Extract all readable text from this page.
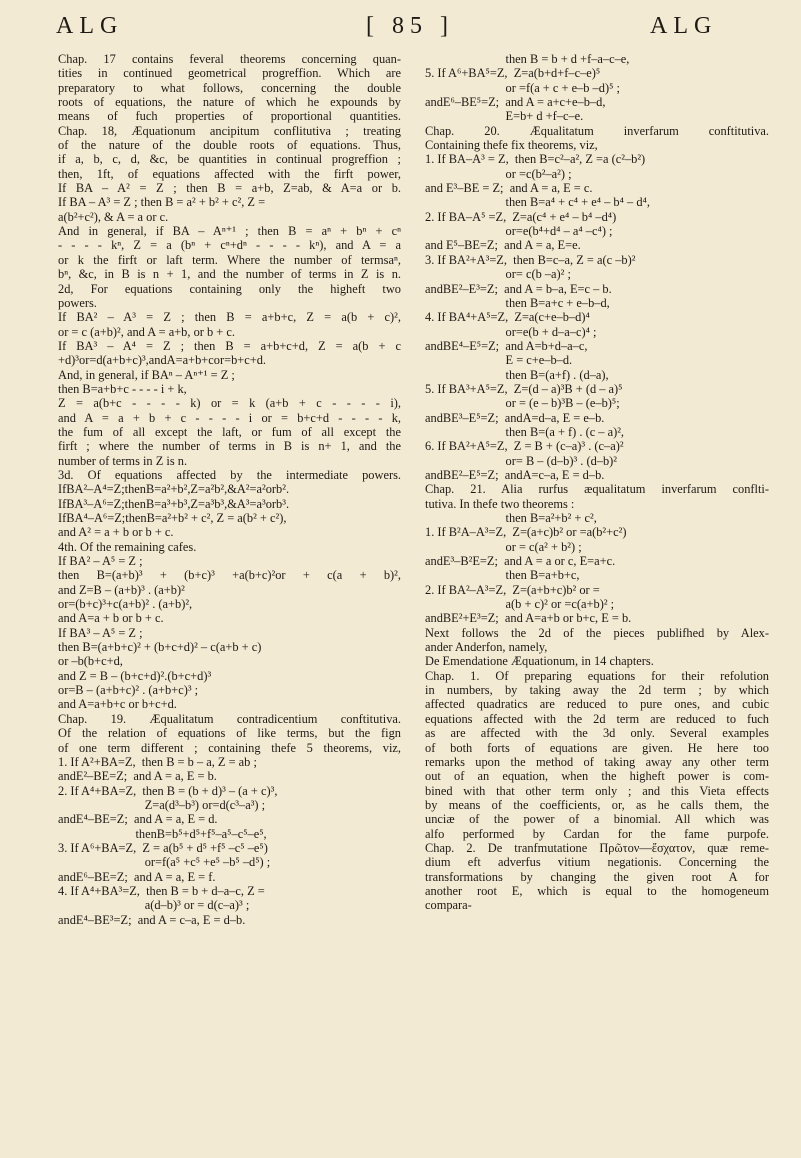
ALG	[ 85 ]	ALG
Chap. 17 contains feveral theorems concerning quan-
tities in continued geometrical progreffion. Which are
preparatory to what follows, concerning the double
roots of equations, the nature of which he expounds by
means of fuch properties of proportional quantities.
Chap. 18, Æquationum ancipitum conflitutiva ; treating
of the nature of the double roots of equations. Thus,
if a, b, c, d, &c, be quantities in continual progreffion ;
then, 1ft, of equations affected with the firft power,
If BA – A² = Z ; then B = a+b, Z=ab, & A=a or b.
If BA – A³ = Z ; then B = a² + b² + c², Z =
a(b²+c²), & A = a or c.
And in general, if BA – Aⁿ⁺¹ ; then B = aⁿ + bⁿ + cⁿ
- - - - kⁿ, Z = a (bⁿ + cⁿ+dⁿ - - - - kⁿ), and A = a
or k the firft or laft term. Where the number of termsaⁿ,
bⁿ, &c, in B is n + 1, and the number of terms in Z is n.
2d, For equations containing only the higheft two
powers.
If BA² – A³ = Z ; then B = a+b+c, Z = a(b + c)²,
or = c (a+b)², and A = a+b, or b + c.
If BA³ – A⁴ = Z ; then B = a+b+c+d, Z = a(b + c
+d)³or=d(a+b+c)³,andA=a+b+cor=b+c+d.
And, in general, if BAⁿ – Aⁿ⁺¹ = Z ;
then B=a+b+c - - - - i + k,
Z = a(b+c - - - - k) or = k (a+b + c - - - - i),
and A = a + b + c - - - - i or = b+c+d - - - - k,
the fum of all except the laft, or fum of all except the
firft ; where the number of terms in B is n+ 1, and the
number of terms in Z is n.
3d. Of equations affected by the intermediate powers.
IfBA²–A⁴=Z;thenB=a²+b²,Z=a²b²,&A²=a²orb².
IfBA³–A⁶=Z;thenB=a³+b³,Z=a³b³,&A³=a³orb³.
IfBA⁴–A⁶=Z;thenB=a²+b² + c², Z = a(b² + c²),
and A² = a + b or b + c.
4th. Of the remaining cafes.
If BA² – A⁵ = Z ;
then B=(a+b)³ + (b+c)³ +a(b+c)²or + c(a + b)²,
and Z=B – (a+b)³ . (a+b)²
or=(b+c)³+c(a+b)² . (a+b)²,
and A=a + b or b + c.
If BA³ – A⁵ = Z ;
then B=(a+b+c)² + (b+c+d)² – c(a+b + c)
or –b(b+c+d,
and Z = B – (b+c+d)².(b+c+d)³
or=B – (a+b+c)² . (a+b+c)³ ;
and A=a+b+c or b+c+d.
Chap. 19. Æqualitatum contradicentium conftitutiva.
Of the relation of equations of like terms, but the fign
of one term different ; containing thefe 5 theorems, viz,
1. If A²+BA=Z,  then B = b – a, Z = ab ;
andE²–BE=Z;  and A = a, E = b.
2. If A⁴+BA=Z,  then B = (b + d)³ – (a + c)³,
Z=a(d³–b³) or=d(c³–a³) ;
andE⁴–BE=Z;  and A = a, E = d.
thenB=b⁵+d⁵+f⁵–a⁵–c⁵–e⁵,
3. If A⁶+BA=Z,  Z = a(b⁵ + d⁵ +f⁵ –c⁵ –e⁵)
or=f(a⁵ +c⁵ +e⁵ –b⁵ –d⁵) ;
andE⁶–BE=Z;  and A = a, E = f.
4. If A⁴+BA³=Z,  then B = b + d–a–c, Z =
a(d–b)³ or = d(c–a)³ ;
andE⁴–BE³=Z;  and A = c–a, E = d–b.
then B = b + d +f–a–c–e,
5. If A⁶+BA⁵=Z,  Z=a(b+d+f–c–e)⁵
or =f(a + c + e–b –d)⁵ ;
andE⁶–BE⁵=Z;  and A = a+c+e–b–d,
E=b+ d +f–c–e.
Chap. 20. Æqualitatum inverfarum conftitutiva.
Containing thefe fix theorems, viz,
1. If BA–A³ = Z,  then B=c²–a², Z =a (c²–b²)
or =c(b²–a²) ;
and E³–BE = Z;  and A = a, E = c.
then B=a⁴ + c⁴ + e⁴ – b⁴ – d⁴,
2. If BA–A⁵ =Z,  Z=a(c⁴ + e⁴ – b⁴ –d⁴)
or=e(b⁴+d⁴ – a⁴ –c⁴) ;
and E⁵–BE=Z;  and A = a, E=e.
3. If BA²+A³=Z,  then B=c–a, Z = a(c –b)²
or= c(b –a)² ;
andBE²–E³=Z;  and A = b–a, E=c – b.
then B=a+c + e–b–d,
4. If BA⁴+A⁵=Z,  Z=a(c+e–b–d)⁴
or=e(b + d–a–c)⁴ ;
andBE⁴–E⁵=Z;  and A=b+d–a–c,
E = c+e–b–d.
then B=(a+f) . (d–a),
5. If BA³+A⁵=Z,  Z=(d – a)³B + (d – a)⁵
or = (e – b)³B – (e–b)⁵;
andBE³–E⁵=Z;  andA=d–a, E = e–b.
then B=(a + f) . (c – a)²,
6. If BA²+A⁵=Z,  Z = B + (c–a)³ . (c–a)²
or= B – (d–b)³ . (d–b)²
andBE²–E⁵=Z;  andA=c–a, E = d–b.
Chap. 21. Alia rurfus æqualitatum inverfarum conflti-
tutiva. In thefe two theorems :
then B=a²+b² + c²,
1. If B²A–A³=Z,  Z=(a+c)b² or =a(b²+c²)
or = c(a² + b²) ;
andE³–B²E=Z;  and A = a or c, E=a+c.
then B=a+b+c,
2. If BA²–A³=Z,  Z=(a+b+c)b² or =
a(b + c)² or =c(a+b)² ;
andBE²+E³=Z;  and A=a+b or b+c, E = b.
Next follows the 2d of the pieces publifhed by Alex-
ander Anderfon, namely,
De Emendatione Æquationum, in 14 chapters.
Chap. 1. Of preparing equations for their refolution
in numbers, by taking away the 2d term ; by which
affected quadratics are reduced to pure ones, and cubic
equations affected with the 2d term are reduced to fuch
as are affected with the 3d only. Several examples
of both forts of equations are given. He here too
remarks upon the method of taking away any other term
out of an equation, when the higheft power is com-
bined with that other term only ; and this Vieta effects
by means of the coefficients, or, as he calls them, the
unciæ of the power of a binomial. All which was
alfo performed by Cardan for the fame purpofe.
Chap. 2. De tranfmutatione Πρῶτον—ἔσχατον, quæ reme-
dium eft adverfus vitium negationis. Concerning the
transformations by changing the given root A for
another root E, which is equal to the homogeneum
compara-
